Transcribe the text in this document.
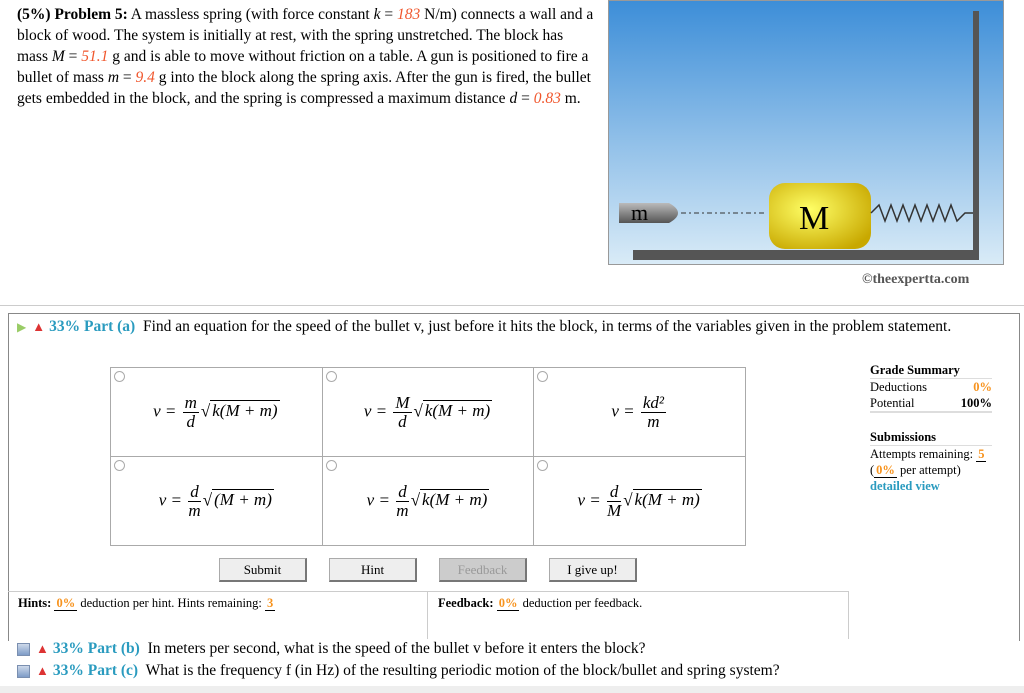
(5%) Problem 5: A massless spring (with force constant k = 183 N/m) connects a wall and a block of wood. The system is initially at rest, with the spring unstretched. The block has mass M = 51.1 g and is able to move without friction on a table. A gun is positioned to fire a bullet of mass m = 9.4 g into the block along the spring axis. After the gun is fired, the bullet gets embedded in the block, and the spring is compressed a maximum distance d = 0.83 m.
m	M
©theexpertta.com
▶ ▲ 33% Part (a) Find an equation for the speed of the bullet v, just before it hits the block, in terms of the variables given in the problem statement.
$v = \frac{m}{d}$ √ k(M + m)	$v = \frac{M}{d}$ √ k(M + m)	$v = \frac{\text{kd²}}{m}$

$v = \frac{d}{m}$ √ (M + m)	$v = \frac{d}{m}$ √ k(M + m)	$v = \frac{d}{M}$ √ k(M + m)
Grade Summary
Deductions	0%
Potential	100%
Submissions
Attempts remaining: 5
( 0% per attempt)
detailed view
Submit	Hint	Feedback	I give up!
Hints: 0% deduction per hint. Hints remaining: 3	Feedback: 0% deduction per feedback.
▲ 33% Part (b) In meters per second, what is the speed of the bullet v before it enters the block?
▲ 33% Part (c) What is the frequency f (in Hz) of the resulting periodic motion of the block/bullet and spring system?
